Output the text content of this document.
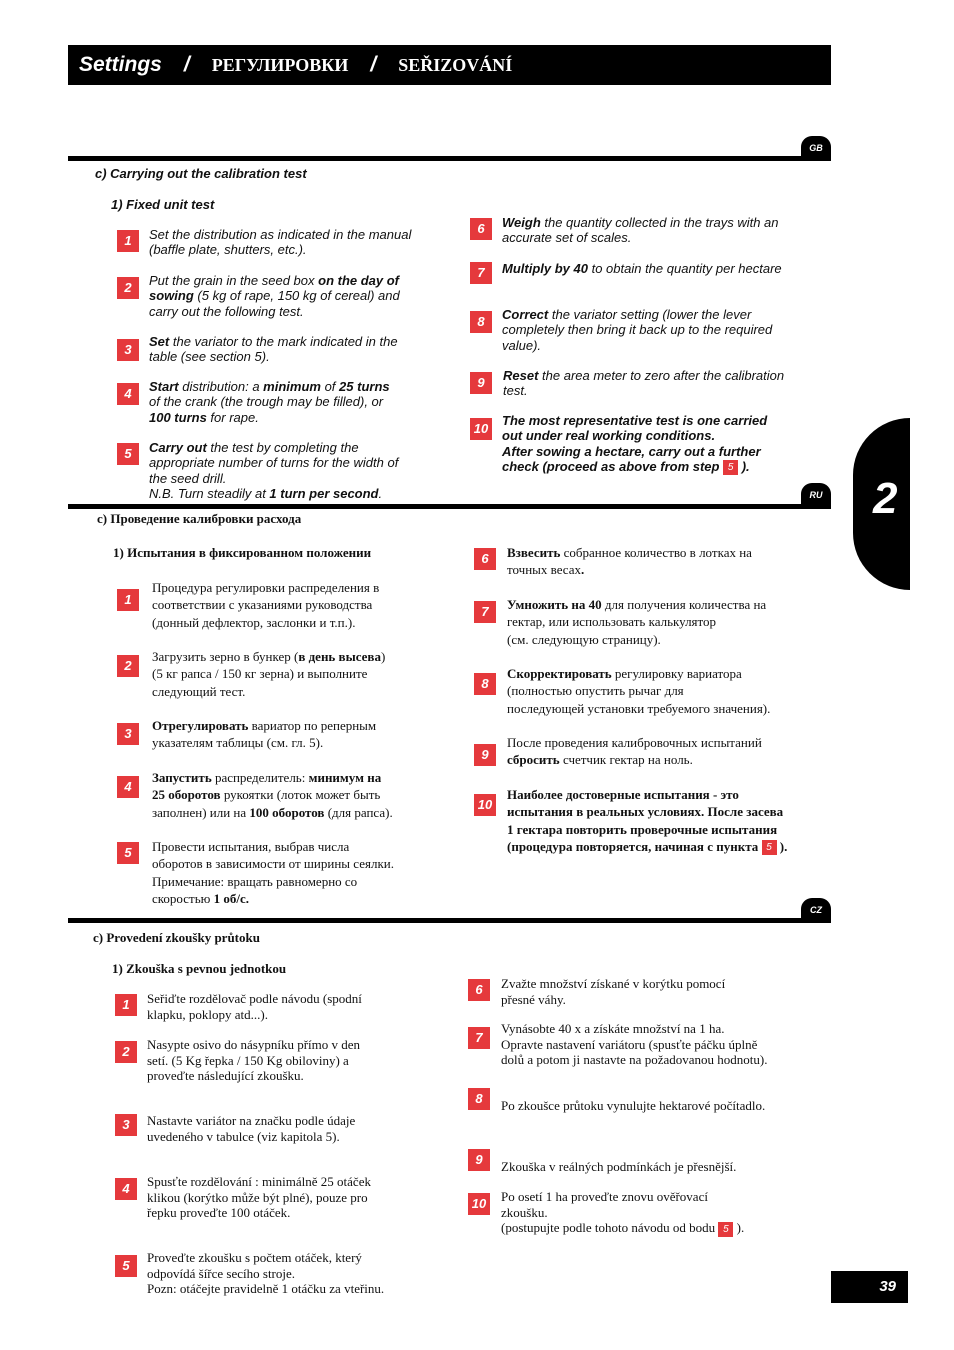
Settings / РЕГУЛИРОВКИ / SEŘIZOVÁNÍ
GB
c) Carrying out the calibration test
1) Fixed unit test
1	Set the distribution as indicated in the manual
(baffle plate, shutters, etc.).
2	Put the grain in the seed box on the day of
sowing (5 kg of rape, 150 kg of cereal) and
carry out the following test.
3
Set the variator to the mark indicated in the
table (see section 5).
4	Start distribution: a minimum of 25 turns
of the crank (the trough may be filled), or
100 turns for rape.
5	Carry out the test by completing the
appropriate number of turns for the width of
the seed drill.
N.B. Turn steadily at 1 turn per second.
6	Weigh the quantity collected in the trays with an
accurate set of scales.
7	Multiply by 40 to obtain the quantity per hectare
8	Correct the variator setting (lower the lever
completely then bring it back up to the required
value).
9	Reset the area meter to zero after the calibration
test.
10
The most representative test is one carried
out under real working conditions.
After sowing a hectare, carry out a further
check (proceed as above from step 5 ).
RU
c) Проведение калибровки расхода
1) Испытания в фиксированном положении
1
Процедура регулировки распределения в
соответствии с указаниями руководства
(донный дефлектор, заслонки и т.п.).
2
Загрузить зерно в бункер (в день высева)
(5 кг рапса / 150 кг зерна) и выполните
следующий тест.
3
Отрегулировать вариатор по реперным
указателям таблицы (см. гл. 5).
4
Запустить распределитель: минимум на
25 оборотов рукоятки (лоток может быть
заполнен) или на 100 оборотов (для рапса).
5	Провести испытания, выбрав числа
оборотов в зависимости от ширины сеялки.
Примечание: вращать равномерно со
скоростью 1 об/с.
6	Взвесить собранное количество в лотках на
точных весах.
7	Умножить на 40 для получения количества на
гектар, или использовать калькулятор
(см. следующую страницу).
8
Скорректировать регулировку вариатора
(полностью опустить рычаг для
последующей установки требуемого значения).
9
После проведения калибровочных испытаний
сбросить счетчик гектар на ноль.
10
Наиболее достоверные испытания - это
испытания в реальных условиях. После засева
1 гектара повторить проверочные испытания
(процедура повторяется, начиная с пункта 5 ).
CZ
c) Provedení zkoušky průtoku
1) Zkouška s pevnou jednotkou
1	Seřiďte rozdělovač podle návodu (spodní
klapku, poklopy atd...).
2	Nasypte osivo do násypníku přímo v den
setí. (5 Kg řepka / 150 Kg obiloviny) a
proveďte následující zkoušku.
3	Nastavte variátor na značku podle údaje
uvedeného v tabulce (viz kapitola 5).
4	Spusťte rozdělování : minimálně 25 otáček
klikou (korýtko může být plné), pouze pro
řepku proveďte 100 otáček.
5
Proveďte zkoušku s počtem otáček, který
odpovídá šířce secího stroje.
Pozn: otáčejte pravidelně 1 otáčku za vteřinu.
6	Zvažte množství získané v korýtku pomocí
přesné váhy.
7
Vynásobte 40 x a získáte množství na 1 ha.
Opravte nastavení variátoru (spusťte páčku úplně
dolů a potom ji nastavte na požadovanou hodnotu).
8	Po zkoušce průtoku vynulujte hektarové počítadlo.
9	Zkouška v reálných podmínkách je přesnější.
10 Po osetí 1 ha proveďte znovu ověřovací
zkoušku.
(postupujte podle tohoto návodu od bodu 5 ).
2
39
